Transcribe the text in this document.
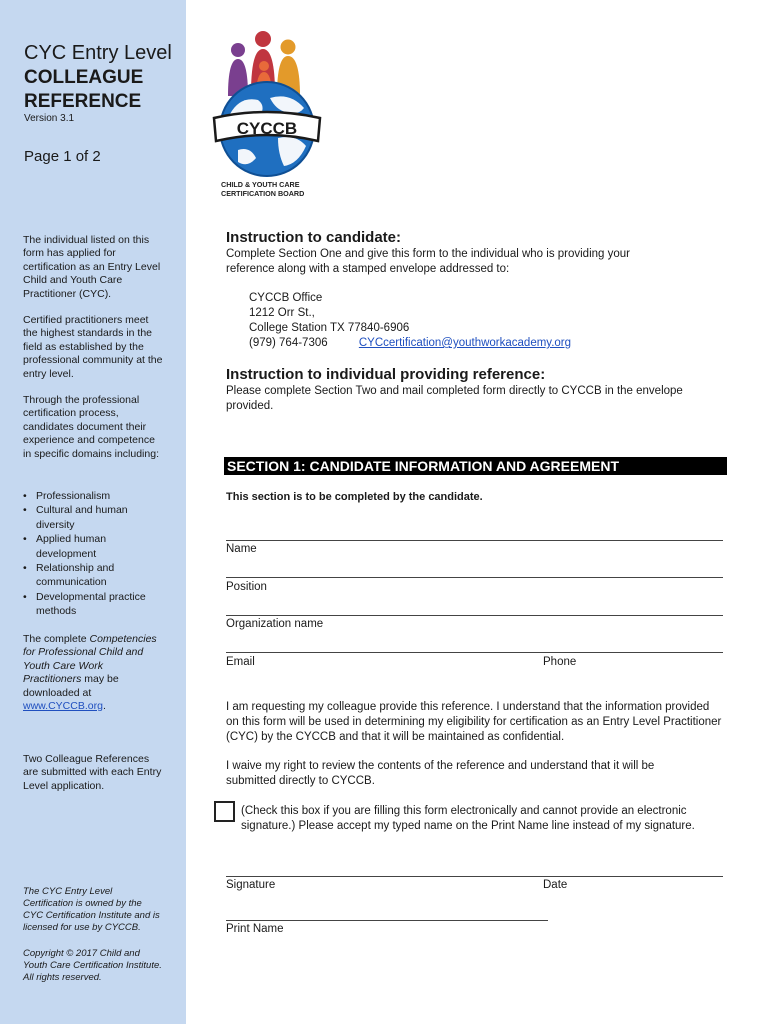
CYC Entry Level
COLLEAGUE
REFERENCE
Version 3.1
Page 1 of 2
The individual listed on this form has applied for certification as an Entry Level Child and Youth Care Practitioner (CYC).
Certified practitioners meet the highest standards in the field as established by the professional community at the entry level.
Through the professional certification process, candidates document their experience and competence in specific domains including:
• Professionalism
• Cultural and human diversity
• Applied human development
• Relationship and communication
• Developmental practice methods
The complete Competencies for Professional Child and Youth Care Work Practitioners may be downloaded at www.CYCCB.org.
Two Colleague References are submitted with each Entry Level application.
The CYC Entry Level Certification is owned by the CYC Certification Institute and is licensed for use by CYCCB.
Copyright © 2017 Child and Youth Care Certification Institute. All rights reserved.
CYCCB
CHILD & YOUTH CARE
CERTIFICATION BOARD
Instruction to candidate:
Complete Section One and give this form to the individual who is providing your reference along with a stamped envelope addressed to:
CYCCB Office
1212 Orr St.,
College Station TX 77840-6906
(979) 764-7306	CYCcertification@youthworkacademy.org
Instruction to individual providing reference:
Please complete Section Two and mail completed form directly to CYCCB in the envelope provided.
SECTION 1: CANDIDATE INFORMATION AND AGREEMENT
This section is to be completed by the candidate.
Name
Position
Organization name
Email	Phone
I am requesting my colleague provide this reference. I understand that the information provided on this form will be used in determining my eligibility for certification as an Entry Level Practitioner (CYC) by the CYCCB and that it will be maintained as confidential.
I waive my right to review the contents of the reference and understand that it will be submitted directly to CYCCB.
(Check this box if you are filling this form electronically and cannot provide an electronic signature.) Please accept my typed name on the Print Name line instead of my signature.
Signature	Date
Print Name
